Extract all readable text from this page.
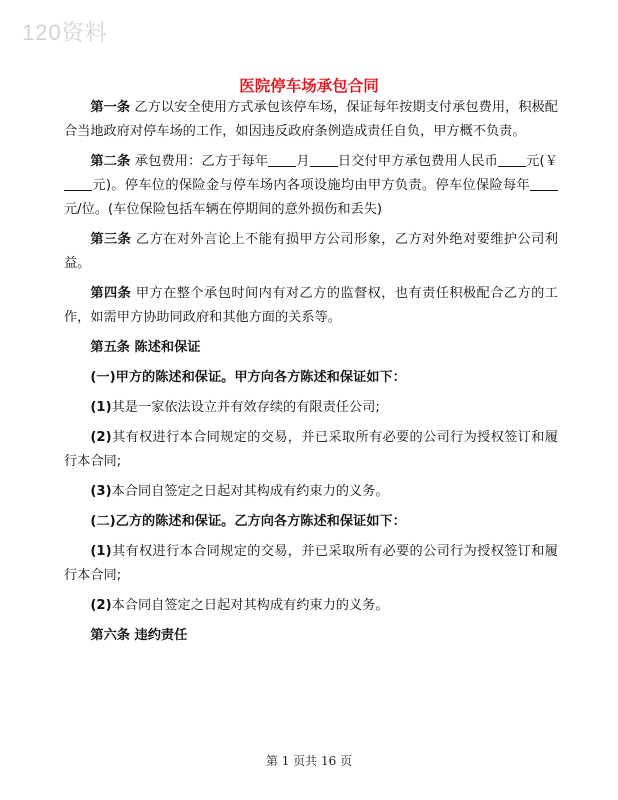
120资料
医院停车场承包合同

第一条 乙方以安全使用方式承包该停车场，保证每年按期支付承包费用，积极配合当地政府对停车场的工作，如因违反政府条例造成责任自负，甲方概不负责。

第二条 承包费用：乙方于每年 月 日交付甲方承包费用人民币 元(￥元)。停车位的保险金与停车场内各项设施均由甲方负责。停车位保险每年元/位。(车位保险包括车辆在停期间的意外损伤和丢失)

第三条 乙方在对外言论上不能有损甲方公司形象，乙方对外绝对要维护公司利益。

第四条 甲方在整个承包时间内有对乙方的监督权，也有责任积极配合乙方的工作，如需甲方协助同政府和其他方面的关系等。

第五条 陈述和保证

(一)甲方的陈述和保证。甲方向各方陈述和保证如下：

(1)其是一家依法设立并有效存续的有限责任公司;

(2)其有权进行本合同规定的交易，并已采取所有必要的公司行为授权签订和履行本合同;

(3)本合同自签定之日起对其构成有约束力的义务。

(二)乙方的陈述和保证。乙方向各方陈述和保证如下：

(1)其有权进行本合同规定的交易，并已采取所有必要的公司行为授权签订和履行本合同;

(2)本合同自签定之日起对其构成有约束力的义务。

第六条 违约责任

第 1 页共 16 页
